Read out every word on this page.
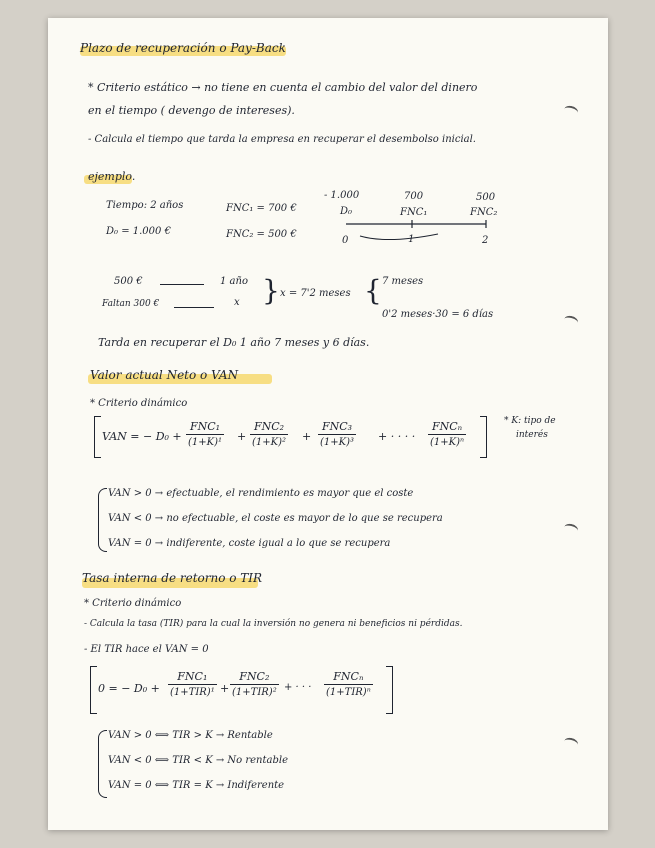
Plazo de recuperación o Pay-Back
* Criterio estático → no tiene en cuenta el cambio del valor del dinero
en el tiempo ( devengo de intereses).
- Calcula el tiempo que tarda la empresa en recuperar el desembolso inicial.
ejemplo.
Tiempo: 2 años
D₀ = 1.000 €
FNC₁ = 700 €
FNC₂ = 500 €
- 1.000	700	500
D₀	FNC₁	FNC₂
0	1	2
500 €	1 año
Faltan 300 €	x } x = 7'2 meses { 7 meses
0'2 meses·30 = 6 días
Tarda en recuperar el D₀ 1 año 7 meses y 6 días.
Valor actual Neto o VAN
* Criterio dinámico
VAN = − D₀ +
FNC₁
(1+K)¹ +
FNC₂
(1+K)² +
FNC₃
(1+K)³ + · · · ·
FNCₙ
(1+K)ⁿ
* K: tipo de
interés
VAN > 0 → efectuable, el rendimiento es mayor que el coste
VAN < 0 → no efectuable, el coste es mayor de lo que se recupera
VAN = 0 → indiferente, coste igual a lo que se recupera
Tasa interna de retorno o TIR
* Criterio dinámico
- Calcula la tasa (TIR) para la cual la inversión no genera ni beneficios ni pérdidas.
- El TIR hace el VAN = 0
0 = − D₀ +
FNC₁
(1+TIR)¹ +
FNC₂
(1+TIR)² + · · ·
FNCₙ
(1+TIR)ⁿ
VAN > 0 ⟺ TIR > K → Rentable
VAN < 0 ⟺ TIR < K → No rentable
VAN = 0 ⟺ TIR = K → Indiferente
